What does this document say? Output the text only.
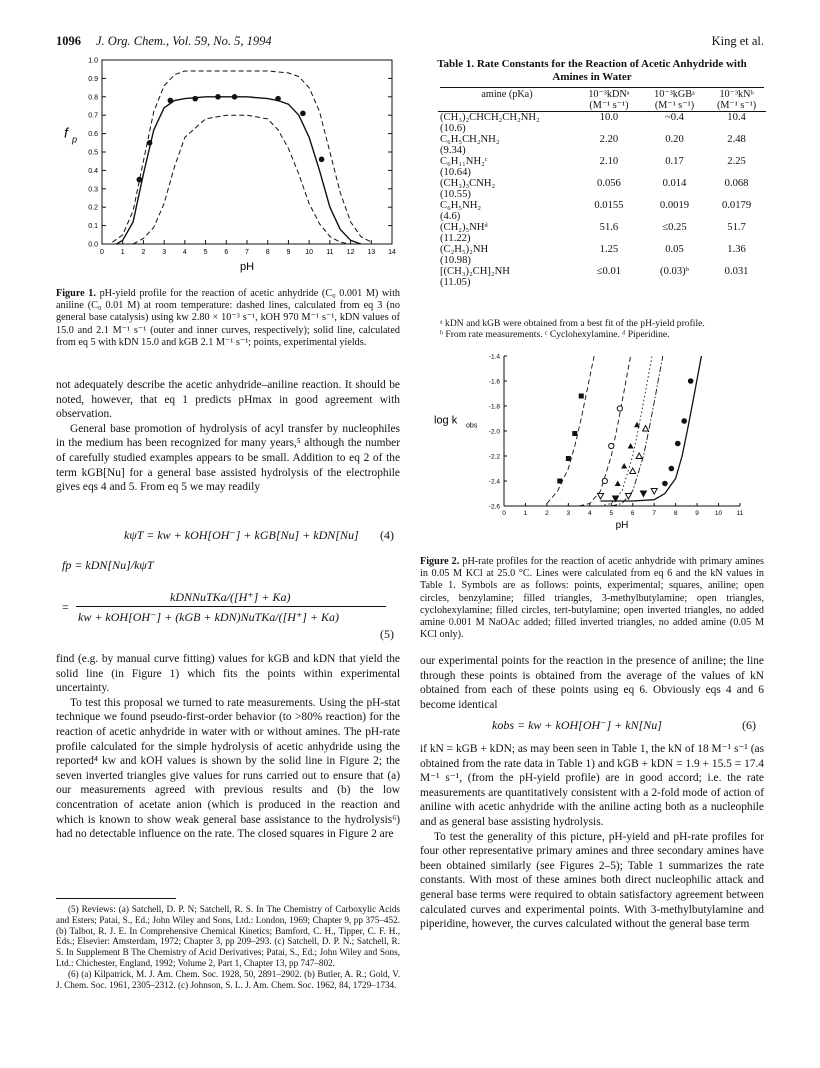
1096 J. Org. Chem., Vol. 59, No. 5, 1994	King et al.
0 1 2 3 4 5 6 7 8 9 10 11 12 13 14
0.0
0.1
0.2
0.3
0.4
0.5
0.6
0.7
0.8
0.9
1.0
f p
pH
Figure 1. pH-yield profile for the reaction of acetic anhydride (C₀ 0.001 M) with aniline (C₀ 0.01 M) at room temperature: dashed lines, calculated from eq 3 (no general base catalysis) using kw 2.80 × 10⁻³ s⁻¹, kOH 970 M⁻¹ s⁻¹, kDN values of 15.0 and 2.1 M⁻¹ s⁻¹ (outer and inner curves, respectively); solid line, calculated from eq 5 with kDN 15.0 and kGB 2.1 M⁻¹ s⁻¹; points, experimental yields.

not adequately describe the acetic anhydride–aniline reaction. It should be noted, however, that eq 1 predicts pHmax in good agreement with observation.

General base promotion of hydrolysis of acyl transfer by nucleophiles in the medium has been recognized for many years,⁵ although the number of carefully studied examples appears to be small. Addition to eq 2 of the term kGB[Nu] for a general base assisted hydrolysis of the electrophile gives eqs 4 and 5. From eq 5 we may readily

kψT = kw + kOH[OH⁻] + kGB[Nu] + kDN[Nu] (4)
fp = kDN[Nu]/kψT
=
kDNNuTKa/([H⁺] + Ka)
kw + kOH[OH⁻] + (kGB + kDN)NuTKa/([H⁺] + Ka)
(5)

find (e.g. by manual curve fitting) values for kGB and kDN that yield the solid line (in Figure 1) which fits the points within experimental uncertainty.

To test this proposal we turned to rate measurements. Using the pH-stat technique we found pseudo-first-order behavior (to >80% reaction) for the reaction of acetic anhydride in water with or without amines. The pH-rate profile calculated for the simple hydrolysis of acetic anhydride using the reported⁴ kw and kOH values is shown by the solid line in Figure 2; the seven inverted triangles give values for runs carried out to ensure that (a) our measurements agreed with previous results and (b) the low concentration of acetate anion (which is produced in the reaction and which is known to show weak general base assistance to the hydrolysis⁶) had no detectable influence on the rate. The closed squares in Figure 2 are

(5) Reviews: (a) Satchell, D. P. N; Satchell, R. S. In The Chemistry of Carboxylic Acids and Esters; Patai, S., Ed.; John Wiley and Sons, Ltd.: London, 1969; Chapter 9, pp 375–452. (b) Talbot, R. J. E. In Comprehensive Chemical Kinetics; Bamford, C. H., Tipper, C. F. H., Eds.; Elsevier: Amsterdam, 1972; Chapter 3, pp 209–293. (c) Satchell, D. P. N.; Satchell, R. S. In Supplement B The Chemistry of Acid Derivatives; Patai, S., Ed.; John Wiley and Sons, Ltd.: Chichester, England, 1992; Volume 2, Part 1, Chapter 13, pp 747–802.

(6) (a) Kilpatrick, M. J. Am. Chem. Soc. 1928, 50, 2891–2902. (b) Butler, A. R.; Gold, V. J. Chem. Soc. 1961, 2305–2312. (c) Johnson, S. L. J. Am. Chem. Soc. 1962, 84, 1729–1734.

Table 1. Rate Constants for the Reaction of Acetic Anhydride with Amines in Water
amine (pKa)	10⁻³kDNᵃ (M⁻¹ s⁻¹)	10⁻³kGBᵃ (M⁻¹ s⁻¹)	10⁻³kNᵇ (M⁻¹ s⁻¹)
(CH₃)₂CHCH₂CH₂NH₂	10.0	~0.4	10.4
(10.6)			
C₆H₅CH₂NH₂	2.20	0.20	2.48
(9.34)			
C₆H₁₁NH₂ᶜ	2.10	0.17	2.25
(10.64)			
(CH₃)₃CNH₂	0.056	0.014	0.068
(10.55)			
C₆H₅NH₂	0.0155	0.0019	0.0179
(4.6)			
(CH₂)₅NHᵈ	51.6	≤0.25	51.7
(11.22)			
(C₂H₅)₂NH	1.25	0.05	1.36
(10.98)			
[(CH₃)₂CH]₂NH	≤0.01	(0.03)ᵇ	0.031
(11.05)			
ᵃ kDN and kGB were obtained from a best fit of the pH-yield profile.
ᵇ From rate measurements. ᶜ Cyclohexylamine. ᵈ Piperidine.
0	1	2	3	4	5	6	7	8	9 10 11
-1.4
-1.6
-1.8
-2.0
-2.2
-2.4
-2.6
log k obs
pH
Figure 2. pH-rate profiles for the reaction of acetic anhydride with primary amines in 0.05 M KCl at 25.0 °C. Lines were calculated from eq 6 and the kN values in Table 1. Symbols are as follows: points, experimental; squares, aniline; open circles, benzylamine; filled triangles, 3-methylbutylamine; open triangles, cyclohexylamine; filled circles, tert-butylamine; open inverted triangles, no added amine 0.001 M NaOAc added; filled inverted triangles, no added amine (0.05 M KCl only).

our experimental points for the reaction in the presence of aniline; the line through these points is obtained from the average of the values of kN obtained from each of these points using eq 6. Obviously eqs 4 and 6 become identical

kobs = kw + kOH[OH⁻] + kN[Nu]	(6)

if kN = kGB + kDN; as may been seen in Table 1, the kN of 18 M⁻¹ s⁻¹ (as obtained from the rate data in Table 1) and kGB + kDN = 1.9 + 15.5 = 17.4 M⁻¹ s⁻¹, (from the pH-yield profile) are in good accord; i.e. the rate measurements are quantitatively consistent with a 2-fold mode of action of aniline with acetic anhydride with the aniline acting both as a nucleophile and as general base assisting hydrolysis.

To test the generality of this picture, pH-yield and pH-rate profiles for four other representative primary amines and three secondary amines have been obtained similarly (see Figures 2–5); Table 1 summarizes the rate constants. With most of these amines both direct nucleophilic attack and general base terms were required to obtain satisfactory agreement between calculated curves and experimental points. With 3-methylbutylamine and piperidine, however, the curves calculated without the general base term
